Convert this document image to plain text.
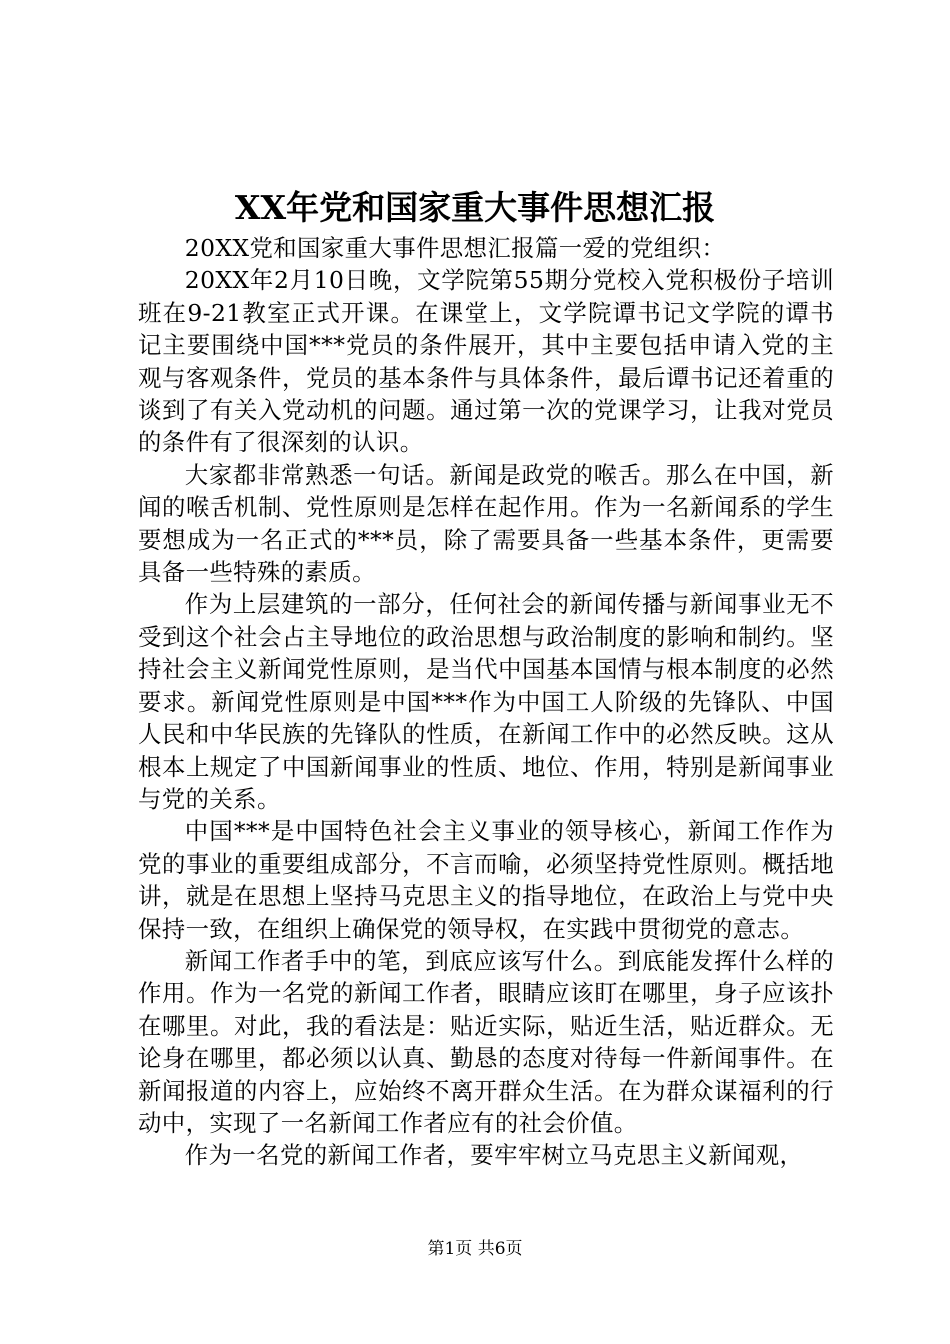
XX年党和国家重大事件思想汇报

20XX党和国家重大事件思想汇报篇一爱的党组织：

20XX年2月10日晚，文学院第55期分党校入党积极份子培训班在9-21教室正式开课。在课堂上，文学院谭书记文学院的谭书记主要围绕中国***党员的条件展开，其中主要包括申请入党的主观与客观条件，党员的基本条件与具体条件，最后谭书记还着重的谈到了有关入党动机的问题。通过第一次的党课学习，让我对党员的条件有了很深刻的认识。

大家都非常熟悉一句话。新闻是政党的喉舌。那么在中国，新闻的喉舌机制、党性原则是怎样在起作用。作为一名新闻系的学生要想成为一名正式的***员，除了需要具备一些基本条件，更需要具备一些特殊的素质。

作为上层建筑的一部分，任何社会的新闻传播与新闻事业无不受到这个社会占主导地位的政治思想与政治制度的影响和制约。坚持社会主义新闻党性原则，是当代中国基本国情与根本制度的必然要求。新闻党性原则是中国***作为中国工人阶级的先锋队、中国人民和中华民族的先锋队的性质，在新闻工作中的必然反映。这从根本上规定了中国新闻事业的性质、地位、作用，特别是新闻事业与党的关系。

中国***是中国特色社会主义事业的领导核心，新闻工作作为党的事业的重要组成部分，不言而喻，必须坚持党性原则。概括地讲，就是在思想上坚持马克思主义的指导地位，在政治上与党中央保持一致，在组织上确保党的领导权，在实践中贯彻党的意志。

新闻工作者手中的笔，到底应该写什么。到底能发挥什么样的作用。作为一名党的新闻工作者，眼睛应该盯在哪里，身子应该扑在哪里。对此，我的看法是：贴近实际，贴近生活，贴近群众。无论身在哪里，都必须以认真、勤恳的态度对待每一件新闻事件。在新闻报道的内容上，应始终不离开群众生活。在为群众谋福利的行动中，实现了一名新闻工作者应有的社会价值。

作为一名党的新闻工作者，要牢牢树立马克思主义新闻观，

第1页 共6页
